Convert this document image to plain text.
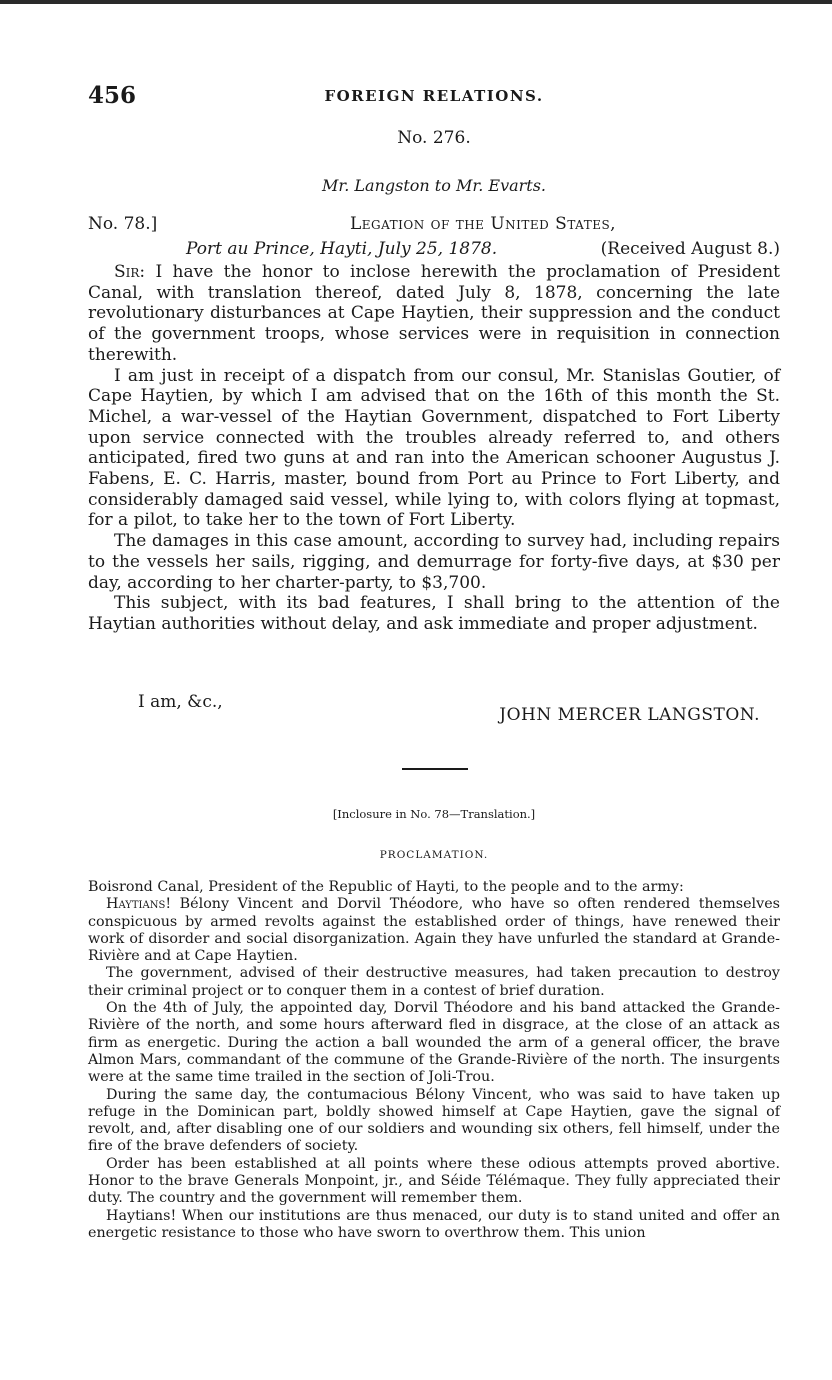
456	FOREIGN RELATIONS.
No. 276.
Mr. Langston to Mr. Evarts.
No. 78.]	Legation of the United States,
Port au Prince, Hayti, July 25, 1878.	(Received August 8.)

Sir: I have the honor to inclose herewith the proclamation of President Canal, with translation thereof, dated July 8, 1878, concerning the late revolutionary disturbances at Cape Haytien, their suppression and the conduct of the government troops, whose services were in requisition in connection therewith.

I am just in receipt of a dispatch from our consul, Mr. Stanislas Goutier, of Cape Haytien, by which I am advised that on the 16th of this month the St. Michel, a war-vessel of the Haytian Government, dispatched to Fort Liberty upon service connected with the troubles already referred to, and others anticipated, fired two guns at and ran into the American schooner Augustus J. Fabens, E. C. Harris, master, bound from Port au Prince to Fort Liberty, and considerably damaged said vessel, while lying to, with colors flying at topmast, for a pilot, to take her to the town of Fort Liberty.

The damages in this case amount, according to survey had, including repairs to the vessels her sails, rigging, and demurrage for forty-five days, at $30 per day, according to her charter-party, to $3,700.

This subject, with its bad features, I shall bring to the attention of the Haytian authorities without delay, and ask immediate and proper adjustment.

I am, &c.,
JOHN MERCER LANGSTON.
[Inclosure in No. 78—Translation.]
PROCLAMATION.

Boisrond Canal, President of the Republic of Hayti, to the people and to the army:

Haytians! Bélony Vincent and Dorvil Théodore, who have so often rendered themselves conspicuous by armed revolts against the established order of things, have renewed their work of disorder and social disorganization. Again they have unfurled the standard at Grande-Rivière and at Cape Haytien.

The government, advised of their destructive measures, had taken precaution to destroy their criminal project or to conquer them in a contest of brief duration.

On the 4th of July, the appointed day, Dorvil Théodore and his band attacked the Grande-Rivière of the north, and some hours afterward fled in disgrace, at the close of an attack as firm as energetic. During the action a ball wounded the arm of a general officer, the brave Almon Mars, commandant of the commune of the Grande-Rivière of the north. The insurgents were at the same time trailed in the section of Joli-Trou.

During the same day, the contumacious Bélony Vincent, who was said to have taken up refuge in the Dominican part, boldly showed himself at Cape Haytien, gave the signal of revolt, and, after disabling one of our soldiers and wounding six others, fell himself, under the fire of the brave defenders of society.

Order has been established at all points where these odious attempts proved abortive. Honor to the brave Generals Monpoint, jr., and Séide Télémaque. They fully appreciated their duty. The country and the government will remember them.

Haytians! When our institutions are thus menaced, our duty is to stand united and offer an energetic resistance to those who have sworn to overthrow them. This union
